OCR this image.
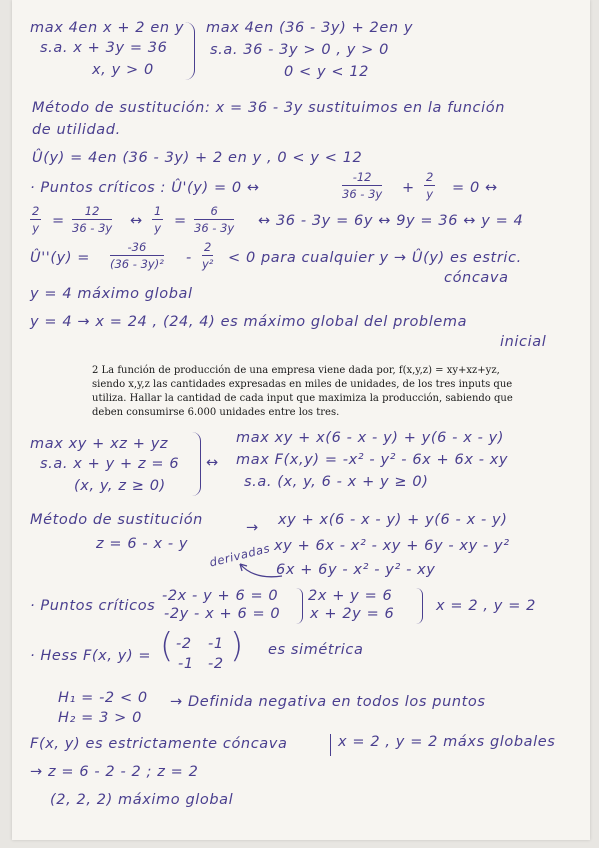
max 4en x + 2 en y
s.a. x + 3y = 36
x, y > 0
max 4en (36 - 3y) + 2en y
s.a. 36 - 3y > 0 , y > 0
0 < y < 12
Método de sustitución: x = 36 - 3y sustituimos en la función
de utilidad.
Û(y) = 4en (36 - 3y) + 2 en y , 0 < y < 12
· Puntos críticos : Û'(y) = 0 ↔
-12
36 - 3y +
2
y = 0 ↔
2
y =
12
36 - 3y ↔
1
y =
6
36 - 3y ↔ 36 - 3y = 6y ↔ 9y = 36 ↔ y = 4
Û''(y) =
-36
(36 - 3y)² -
2
y² < 0 para cualquier y → Û(y) es estric.
cóncava
y = 4 máximo global
y = 4 → x = 24 , (24, 4) es máximo global del problema
inicial
2 La función de producción de una empresa viene dada por, f(x,y,z) = xy+xz+yz, siendo x,y,z las cantidades expresadas en miles de unidades, de los tres inputs que utiliza. Hallar la cantidad de cada input que maximiza la producción, sabiendo que deben consumirse 6.000 unidades entre los tres.
max xy + xz + yz
s.a. x + y + z = 6
(x, y, z ≥ 0)
↔
max xy + x(6 - x - y) + y(6 - x - y)
max F(x,y) = -x² - y² - 6x + 6x - xy
s.a. (x, y, 6 - x + y ≥ 0)
Método de sustitución	→ xy + x(6 - x - y) + y(6 - x - y)
z = 6 - x - y derivadas xy + 6x - x² - xy + 6y - xy - y²
6x + 6y - x² - y² - xy
· Puntos críticos
-2x - y + 6 = 0
-2y - x + 6 = 0
2x + y = 6
x + 2y = 6	x = 2 , y = 2
· Hess F(x, y) = ( -2 -1
-1 -2 ) es simétrica
H₁ = -2 < 0
H₂ = 3 > 0
→ Definida negativa en todos los puntos
F(x, y) es estrictamente cóncava	x = 2 , y = 2 máxs globales
→ z = 6 - 2 - 2 ; z = 2
(2, 2, 2) máximo global
